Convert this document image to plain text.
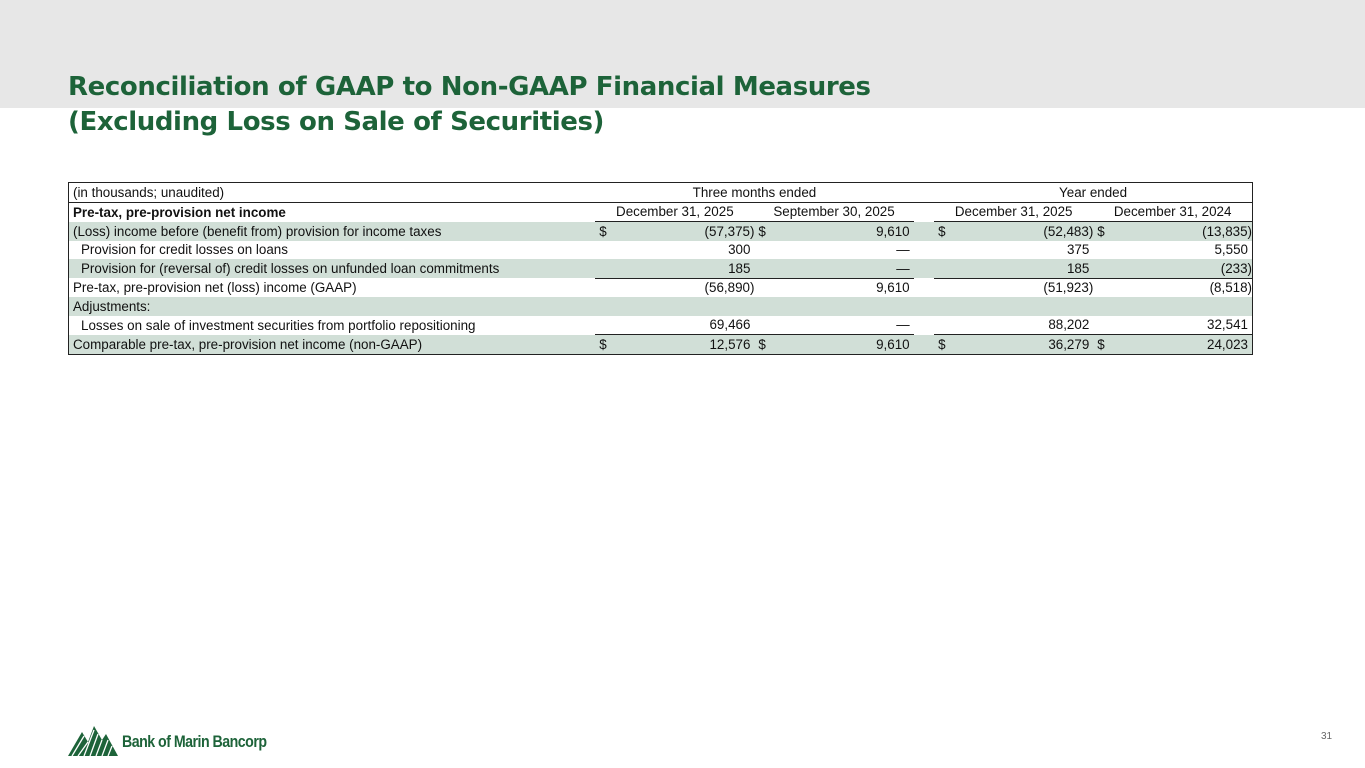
Reconciliation of GAAP to Non-GAAP Financial Measures
(Excluding Loss on Sale of Securities)
(in thousands; unaudited)	Three months ended					Year ended			
Pre-tax, pre-provision net income	December 31, 2025		September 30, 2025			December 31, 2025		December 31, 2024	
(Loss) income before (benefit from) provision for income taxes	$	(57,375)	$	9,610		$	(52,483)	$	(13,835)
Provision for credit losses on loans		300		—			375		5,550
Provision for (reversal of) credit losses on unfunded loan commitments		185		—			185		(233)
Pre-tax, pre-provision net (loss) income (GAAP)		(56,890)		9,610			(51,923)		(8,518)
Adjustments:									
Losses on sale of investment securities from portfolio repositioning		69,466		—			88,202		32,541
Comparable pre-tax, pre-provision net income (non-GAAP)	$	12,576	$	9,610		$	36,279	$	24,023
Bank of Marin Bancorp	31
